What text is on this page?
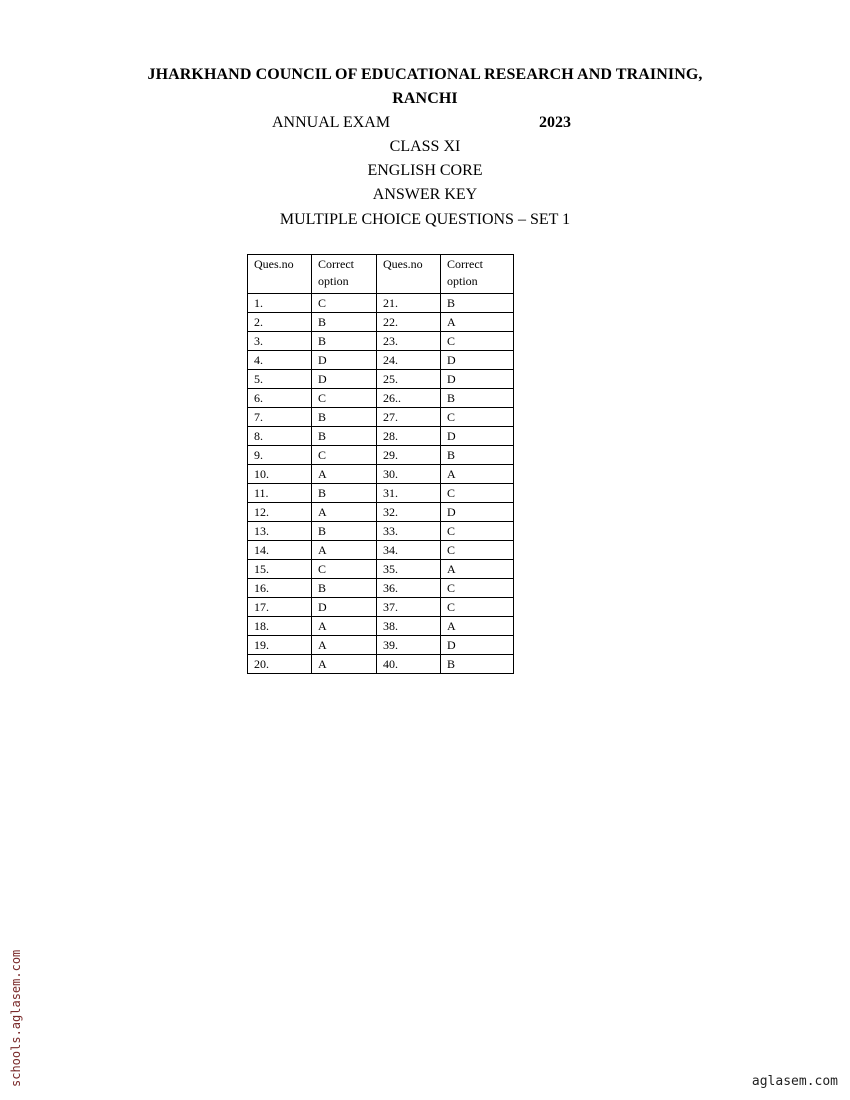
JHARKHAND COUNCIL OF EDUCATIONAL RESEARCH AND TRAINING,
RANCHI
ANNUAL EXAM	2023
CLASS XI
ENGLISH CORE
ANSWER KEY
MULTIPLE CHOICE QUESTIONS – SET 1
Ques.no	Correct option	Ques.no	Correct option
1.	C	21.	B
2.	B	22.	A
3.	B	23.	C
4.	D	24.	D
5.	D	25.	D
6.	C	26..	B
7.	B	27.	C
8.	B	28.	D
9.	C	29.	B
10.	A	30.	A
11.	B	31.	C
12.	A	32.	D
13.	B	33.	C
14.	A	34.	C
15.	C	35.	A
16.	B	36.	C
17.	D	37.	C
18.	A	38.	A
19.	A	39.	D
20.	A	40.	B
schools.aglasem.com	aglasem.com
